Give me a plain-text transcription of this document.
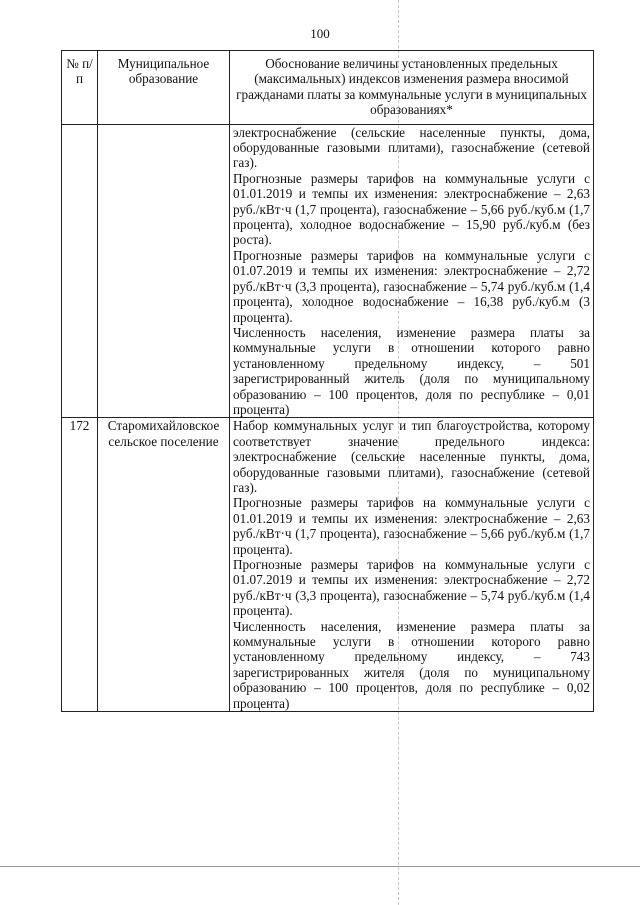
100
№ п/п	Муниципальное образование	Обоснование величины установленных предельных (максимальных) индексов изменения размера вносимой гражданами платы за коммунальные услуги в муниципальных образованиях*

		электроснабжение (сельские населенные пункты, дома, оборудованные газовыми плитами), газоснабжение (сетевой газ).

Прогнозные размеры тарифов на коммунальные услуги с 01.01.2019 и темпы их изменения: электроснабжение – 2,63 руб./кВт·ч (1,7 процента), газоснабжение – 5,66 руб./куб.м (1,7 процента), холодное водоснабжение – 15,90 руб./куб.м (без роста).

Прогнозные размеры тарифов на коммунальные услуги с 01.07.2019 и темпы их изменения: электроснабжение – 2,72 руб./кВт·ч (3,3 процента), газоснабжение – 5,74 руб./куб.м (1,4 процента), холодное водоснабжение – 16,38 руб./куб.м (3 процента).

Численность населения, изменение размера платы за коммунальные услуги в отношении которого равно установленному предельному индексу, – 501 зарегистрированный житель (доля по муниципальному образованию – 100 процентов, доля по республике – 0,01 процента)

172	Старомихайловское сельское поселение	Набор коммунальных услуг и тип благоустройства, которому соответствует значение предельного индекса: электроснабжение (сельские населенные пункты, дома, оборудованные газовыми плитами), газоснабжение (сетевой газ).

Прогнозные размеры тарифов на коммунальные услуги с 01.01.2019 и темпы их изменения: электроснабжение – 2,63 руб./кВт·ч (1,7 процента), газоснабжение – 5,66 руб./куб.м (1,7 процента).

Прогнозные размеры тарифов на коммунальные услуги с 01.07.2019 и темпы их изменения: электроснабжение – 2,72 руб./кВт·ч (3,3 процента), газоснабжение – 5,74 руб./куб.м (1,4 процента).

Численность населения, изменение размера платы за коммунальные услуги в отношении которого равно установленному предельному индексу, – 743 зарегистрированных жителя (доля по муниципальному образованию – 100 процентов, доля по республике – 0,02 процента)
